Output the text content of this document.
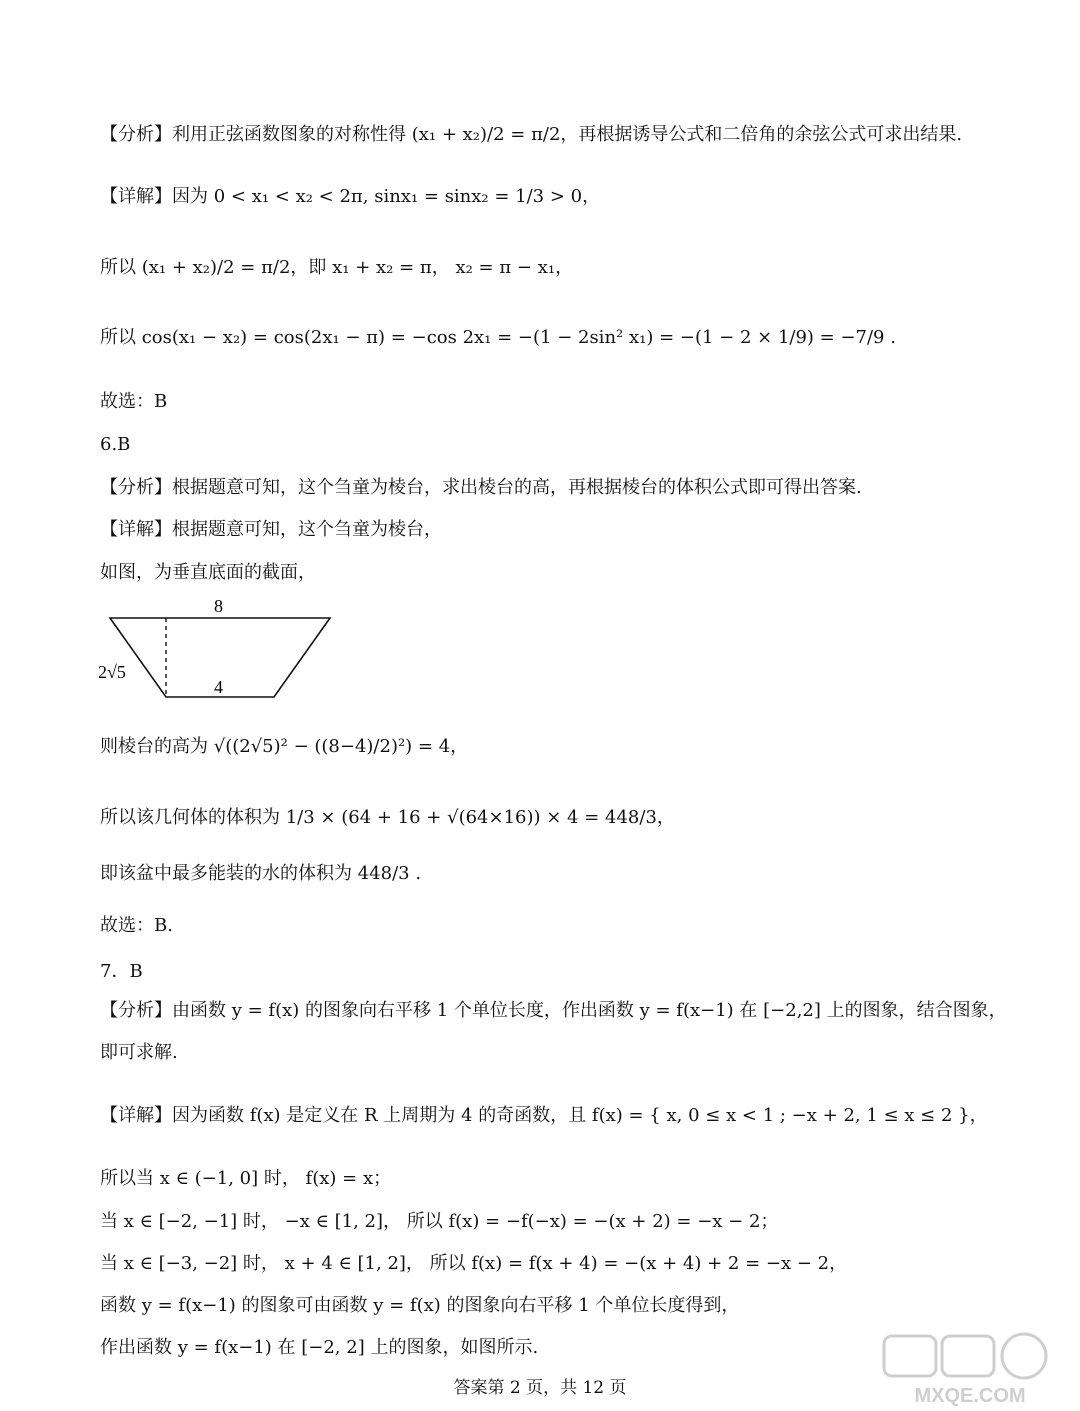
【分析】利用正弦函数图象的对称性得 (x₁ + x₂)/2 = π/2，再根据诱导公式和二倍角的余弦公式可求出结果.
【详解】因为 0 < x₁ < x₂ < 2π, sinx₁ = sinx₂ = 1/3 > 0，
所以 (x₁ + x₂)/2 = π/2，即 x₁ + x₂ = π， x₂ = π − x₁，
所以 cos(x₁ − x₂) = cos(2x₁ − π) = −cos 2x₁ = −(1 − 2sin² x₁) = −(1 − 2 × 1/9) = −7/9 .
故选：B
6.B
【分析】根据题意可知，这个刍童为棱台，求出棱台的高，再根据棱台的体积公式即可得出答案.
【详解】根据题意可知，这个刍童为棱台，
如图，为垂直底面的截面，
8
4
2√5
则棱台的高为 √((2√5)² − ((8−4)/2)²) = 4，
所以该几何体的体积为 1/3 × (64 + 16 + √(64×16)) × 4 = 448/3，
即该盆中最多能装的水的体积为 448/3 .
故选：B.
7．B
【分析】由函数 y = f(x) 的图象向右平移 1 个单位长度，作出函数 y = f(x−1) 在 [−2,2] 上的图象，结合图象，
即可求解.
【详解】因为函数 f(x) 是定义在 R 上周期为 4 的奇函数，且 f(x) = { x, 0 ≤ x < 1 ; −x + 2, 1 ≤ x ≤ 2 }，
所以当 x ∈ (−1, 0] 时， f(x) = x；
当 x ∈ [−2, −1] 时， −x ∈ [1, 2]， 所以 f(x) = −f(−x) = −(x + 2) = −x − 2；
当 x ∈ [−3, −2] 时， x + 4 ∈ [1, 2]， 所以 f(x) = f(x + 4) = −(x + 4) + 2 = −x − 2，
函数 y = f(x−1) 的图象可由函数 y = f(x) 的图象向右平移 1 个单位长度得到，
作出函数 y = f(x−1) 在 [−2, 2] 上的图象，如图所示.
答案第 2 页，共 12 页	MXQE.COM
